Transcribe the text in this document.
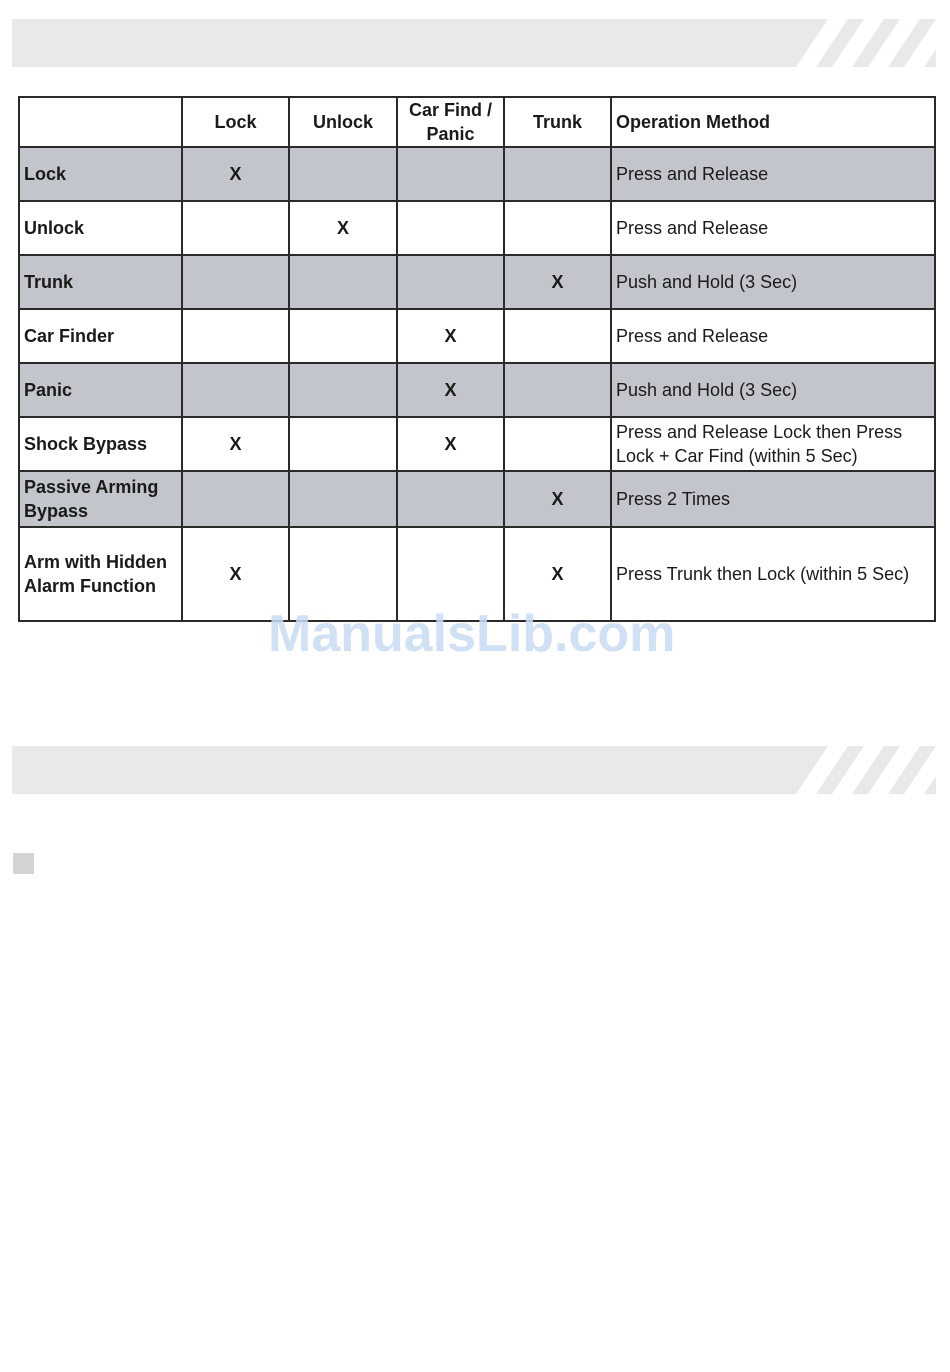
	Lock	Unlock	Car Find / Panic	Trunk	Operation Method
Lock	X				Press and Release
Unlock		X			Press and Release
Trunk				X	Push and Hold (3 Sec)
Car Finder			X		Press and Release
Panic			X		Push and Hold (3 Sec)
Shock Bypass	X		X		Press and Release Lock then Press Lock + Car Find (within 5 Sec)
Passive Arming Bypass				X	Press 2 Times
Arm with Hidden Alarm Function	X			X	Press Trunk then Lock (within 5 Sec)
ManualsLib.com
